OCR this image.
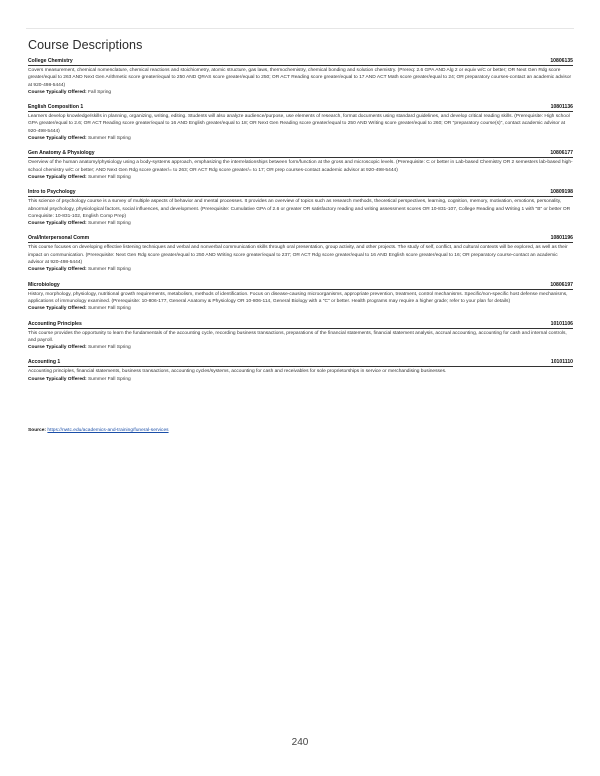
Course Descriptions
College Chemistry	10806135
Covers measurement, chemical nomenclature, chemical reactions and stoichiometry, atomic structure, gas laws, thermochemistry, chemical bonding and solution chemistry. (Prereq: 2.6 GPA AND Alg 2 or equiv w/C or better; OR Next Gen Rdg score greater/equal to 263 AND Next Gen Arithmetic score greater/equal to 250 AND QRAS score greater/equal to 250; OR ACT Reading score greater/equal to 17 AND ACT Math score greater/equal to 24; OR preparatory courses-contact an academic advisor at 920-498-5444)
Course Typically Offered: Fall Spring
English Composition 1	10801136
Learners develop knowledge/skills in planning, organizing, writing, editing. Students will also analyze audience/purpose, use elements of research, format documents using standard guidelines, and develop critical reading skills. (Prerequisite: High school GPA greater/equal to 2.6; OR ACT Reading score greater/equal to 16 AND English greater/equal to 18; OR Next Gen Reading score greater/equal to 250 AND Writing score greater/equal to 260; OR "preparatory course(s)", contact academic advisor at 920-498-5444)
Course Typically Offered: Summer Fall Spring
Gen Anatomy & Physiology	10806177
Overview of the human anatomy/physiology using a body-systems approach, emphasizing the interrelationships between form/function at the gross and microscopic levels. (Prerequisite: C or better in Lab-based Chemistry OR 2 semesters lab-based high-school chemistry w/C or better; AND Next Gen Rdg score greater/= to 263; OR ACT Rdg score greater/= to 17; OR prep courses-contact academic advisor at 920-498-5444)
Course Typically Offered: Summer Fall Spring
Intro to Psychology	10809198
This science of psychology course is a survey of multiple aspects of behavior and mental processes. It provides an overview of topics such as research methods, theoretical perspectives, learning, cognition, memory, motivation, emotions, personality, abnormal psychology, physiological factors, social influences, and development. (Prerequisite: Cumulative GPA of 2.6 or greater OR satisfactory reading and writing assessment scores OR 10-831-107, College Reading and Writing 1 with "B" or better OR Corequisite: 10-831-102, English Comp Prep)
Course Typically Offered: Summer Fall Spring
Oral/Interpersonal Comm	10801196
This course focuses on developing effective listening techniques and verbal and nonverbal communication skills through oral presentation, group activity, and other projects. The study of self, conflict, and cultural contexts will be explored, as well as their impact on communication. (Prerequisite: Next Gen Rdg score greater/equal to 250 AND Writing score greater/equal to 237; OR ACT Rdg score greater/equal to 16 AND English score greater/equal to 16; OR preparatory course-contact an academic advisor at 920-498-5444)
Course Typically Offered: Summer Fall Spring
Microbiology	10806197
History, morphology, physiology, nutritional growth requirements, metabolism, methods of identification. Focus on disease-causing microorganisms, appropriate prevention, treatment, control mechanisms. Specific/non-specific host defense mechanisms, applications of immunology examined. (Prerequisite: 10-806-177, General Anatomy & Physiology OR 10-806-114, General Biology with a "C" or better. Health programs may require a higher grade; refer to your plan for details)
Course Typically Offered: Summer Fall Spring
Accounting Principles	10101106
This course provides the opportunity to learn the fundamentals of the accounting cycle, recording business transactions, preparations of the financial statements, financial statement analysis, accrual accounting, accounting for cash and internal controls, and payroll.
Course Typically Offered: Summer Fall Spring
Accounting 1	10101110
Accounting principles, financial statements, business transactions, accounting cycles/systems, accounting for cash and receivables for sole proprietorships in service or merchandising businesses.
Course Typically Offered: Summer Fall Spring
Source: https://nwtc.edu/academics-and-training/funeral-services
240
